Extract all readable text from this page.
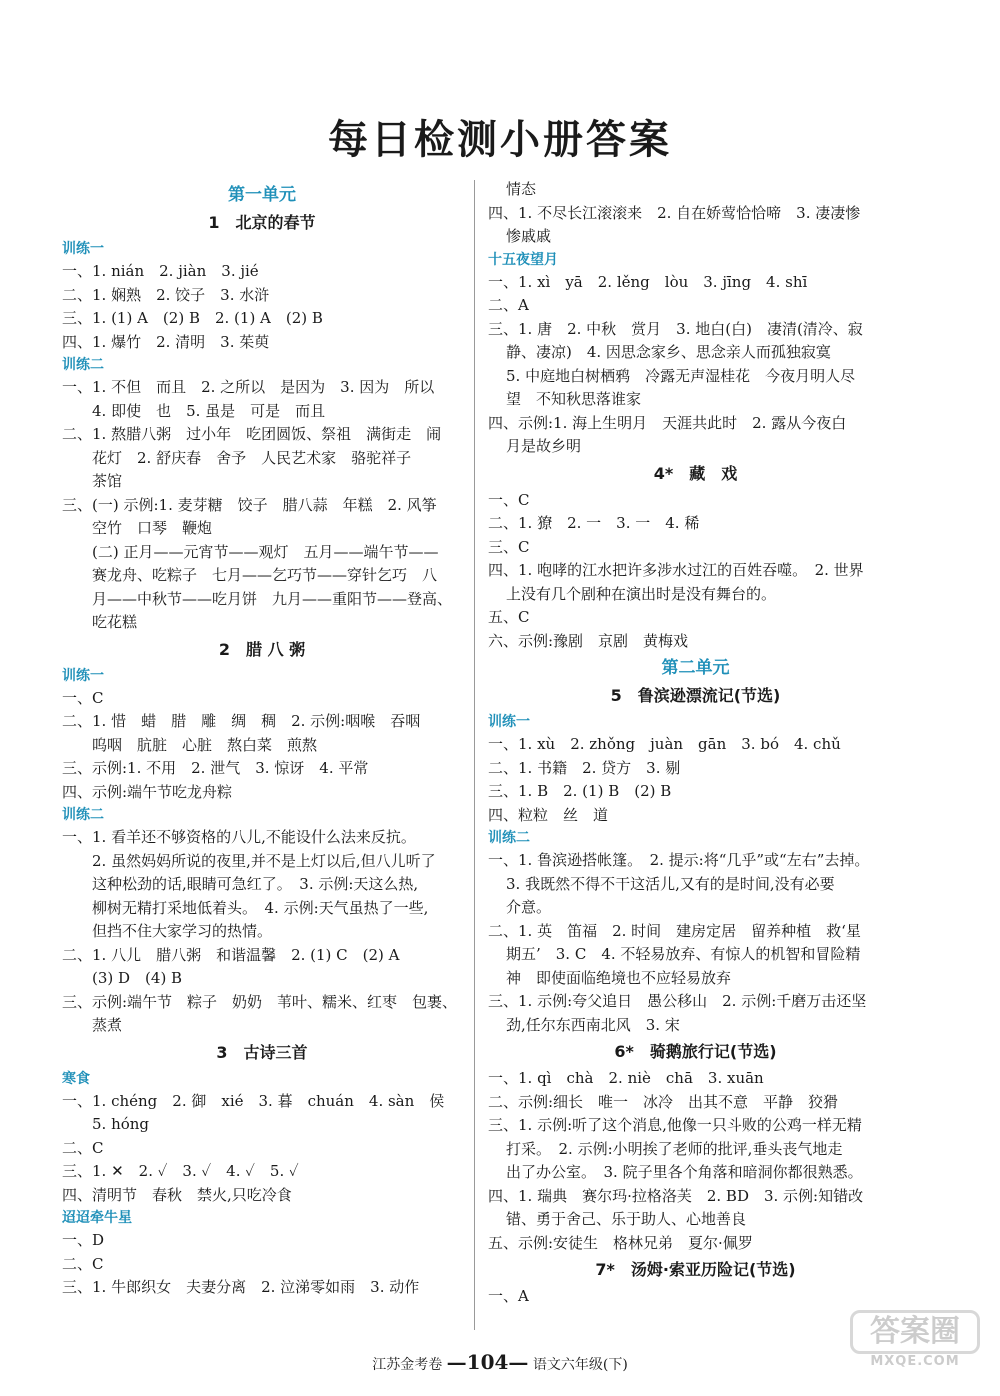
每日检测小册答案
第一单元
1　北京的春节
训练一
一、1. nián　2. jiàn　3. jié
二、1. 娴熟　2. 饺子　3. 水浒
三、1. (1) A　(2) B　2. (1) A　(2) B
四、1. 爆竹　2. 清明　3. 茱萸
训练二
一、1. 不但　而且　2. 之所以　是因为　3. 因为　所以
4. 即使　也　5. 虽是　可是　而且
二、1. 熬腊八粥　过小年　吃团圆饭、祭祖　满街走　闹
花灯　2. 舒庆春　舍予　人民艺术家　骆驼祥子
茶馆
三、(一) 示例:1. 麦芽糖　饺子　腊八蒜　年糕　2. 风筝
空竹　口琴　鞭炮
(二) 正月——元宵节——观灯　五月——端午节——
赛龙舟、吃粽子　七月——乞巧节——穿针乞巧　八
月——中秋节——吃月饼　九月——重阳节——登高、
吃花糕
2　腊 八 粥
训练一
一、C
二、1. 惜　蜡　腊　雕　绸　稠　2. 示例:咽喉　吞咽
呜咽　肮脏　心脏　熬白菜　煎熬
三、示例:1. 不用　2. 泄气　3. 惊讶　4. 平常
四、示例:端午节吃龙舟粽
训练二
一、1. 看羊还不够资格的八儿,不能设什么法来反抗。
2. 虽然妈妈所说的夜里,并不是上灯以后,但八儿听了
这种松劲的话,眼睛可急红了。　3. 示例:天这么热,
柳树无精打采地低着头。　4. 示例:天气虽热了一些,
但挡不住大家学习的热情。
二、1. 八儿　腊八粥　和谐温馨　2. (1) C　(2) A
(3) D　(4) B
三、示例:端午节　粽子　奶奶　苇叶、糯米、红枣　包裹、
蒸煮
3　古诗三首
寒食
一、1. chéng　2. 御　xié　3. 暮　chuán　4. sàn　侯
5. hóng
二、C
三、1. ✕　2. ✓　3. ✓　4. ✓　5. ✓
四、清明节　春秋　禁火,只吃冷食
迢迢牵牛星
一、D
二、C
三、1. 牛郎织女　夫妻分离　2. 泣涕零如雨　3. 动作
情态
四、1. 不尽长江滚滚来　2. 自在娇莺恰恰啼　3. 凄凄惨
惨戚戚
十五夜望月
一、1. xì　yā　2. lěng　lòu　3. jīng　4. shī
二、A
三、1. 唐　2. 中秋　赏月　3. 地白(白)　凄清(清冷、寂
静、凄凉)　4. 因思念家乡、思念亲人而孤独寂寞
5. 中庭地白树栖鸦　冷露无声湿桂花　今夜月明人尽
望　不知秋思落谁家
四、示例:1. 海上生明月　天涯共此时　2. 露从今夜白
月是故乡明
4*　藏　戏
一、C
二、1. 獠　2. 一　3. 一　4. 稀
三、C
四、1. 咆哮的江水把许多涉水过江的百姓吞噬。　2. 世界
上没有几个剧种在演出时是没有舞台的。
五、C
六、示例:豫剧　京剧　黄梅戏
第二单元
5　鲁滨逊漂流记(节选)
训练一
一、1. xù　2. zhǒng　juàn　gān　3. bó　4. chǔ
二、1. 书籍　2. 贷方　3. 剔
三、1. B　2. (1) B　(2) B
四、粒粒　丝　道
训练二
一、1. 鲁滨逊搭帐篷。　2. 提示:将“几乎”或“左右”去掉。
3. 我既然不得不干这活儿,又有的是时间,没有必要
介意。
二、1. 英　笛福　2. 时间　建房定居　留养种植　救‘星
期五’　3. C　4. 不轻易放弃、有惊人的机智和冒险精
神　即使面临绝境也不应轻易放弃
三、1. 示例:夸父追日　愚公移山　2. 示例:千磨万击还坚
劲,任尔东西南北风　3. 宋
6*　骑鹅旅行记(节选)
一、1. qì　chà　2. niè　chā　3. xuān
二、示例:细长　唯一　冰冷　出其不意　平静　狡猾
三、1. 示例:听了这个消息,他像一只斗败的公鸡一样无精
打采。　2. 示例:小明挨了老师的批评,垂头丧气地走
出了办公室。　3. 院子里各个角落和暗洞你都很熟悉。
四、1. 瑞典　赛尔玛·拉格洛芙　2. BD　3. 示例:知错改
错、勇于舍己、乐于助人、心地善良
五、示例:安徒生　格林兄弟　夏尔·佩罗
7*　汤姆·索亚历险记(节选)
一、A
江苏金考卷 —104— 语文六年级(下)
答案圈
MXQE.COM
